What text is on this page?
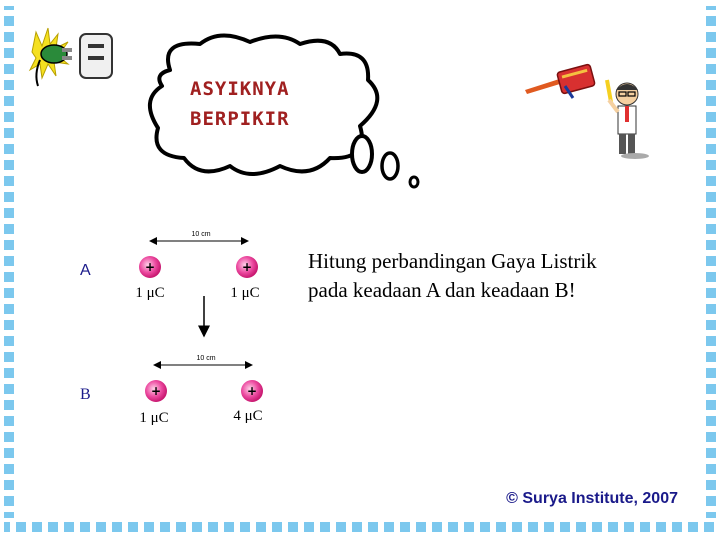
ASYIKNYA
BERPIKIR
A
B
10 cm
+	+
1 μC	1 μC
10 cm
+	+
1 μC	4 μC
Hitung perbandingan Gaya Listrik
pada keadaan A dan keadaan B!
© Surya Institute, 2007
